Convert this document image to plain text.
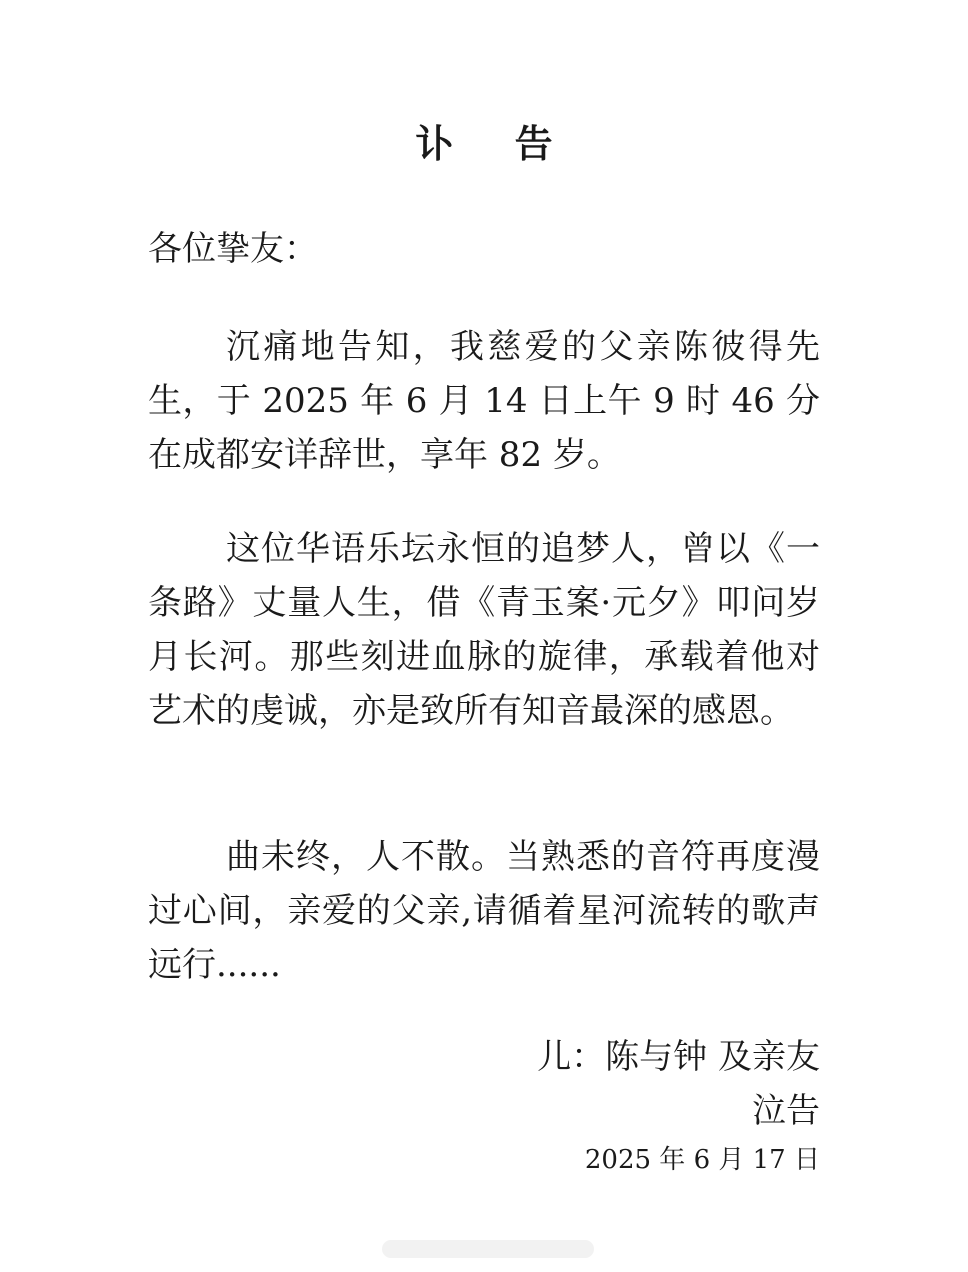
讣 告

各位挚友：

沉痛地告知，我慈爱的父亲陈彼得先生，于 2025 年 6 月 14 日上午 9 时 46 分在成都安详辞世，享年 82 岁。

这位华语乐坛永恒的追梦人，曾以《一条路》丈量人生，借《青玉案·元夕》叩问岁月长河。那些刻进血脉的旋律，承载着他对艺术的虔诚，亦是致所有知音最深的感恩。

曲未终，人不散。当熟悉的音符再度漫过心间，亲爱的父亲,请循着星河流转的歌声远行......

儿：陈与钟 及亲友

泣告

2025 年 6 月 17 日
